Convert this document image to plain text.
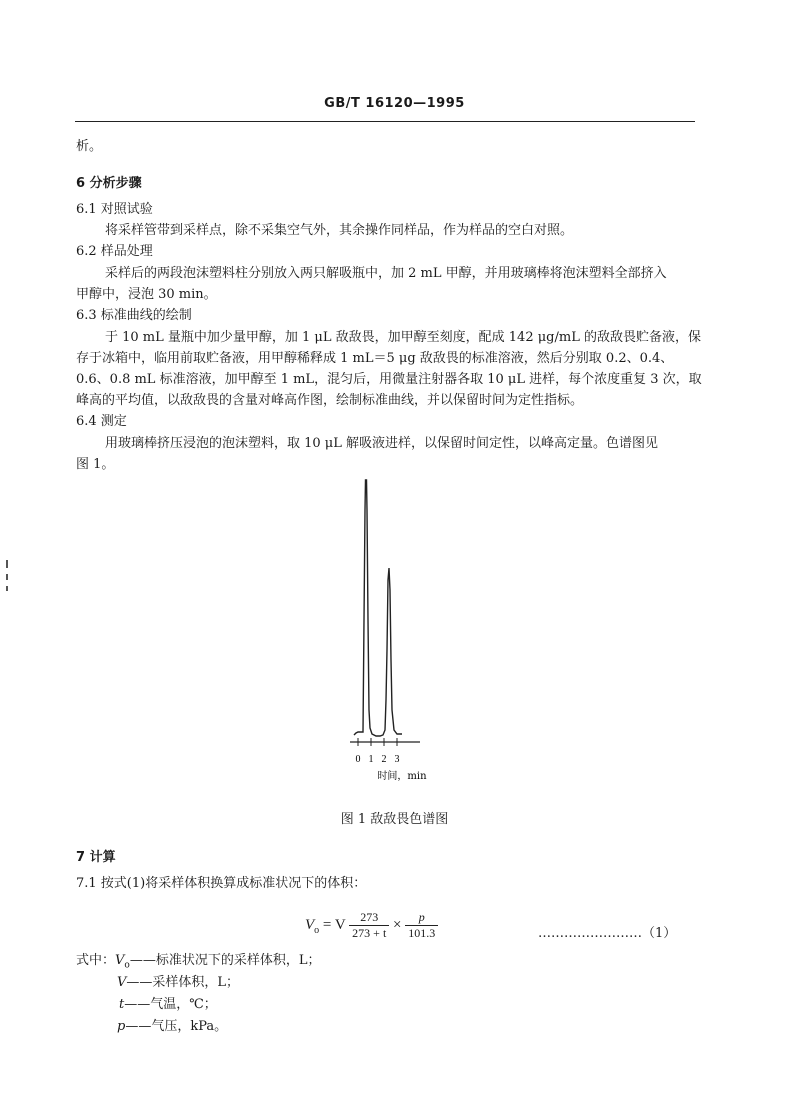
GB/T 16120—1995
析。
6 分析步骤
6.1 对照试验
将采样管带到采样点，除不采集空气外，其余操作同样品，作为样品的空白对照。
6.2 样品处理
采样后的两段泡沫塑料柱分别放入两只解吸瓶中，加 2 mL 甲醇，并用玻璃棒将泡沫塑料全部挤入
甲醇中，浸泡 30 min。
6.3 标准曲线的绘制
于 10 mL 量瓶中加少量甲醇，加 1 μL 敌敌畏，加甲醇至刻度，配成 142 μg/mL 的敌敌畏贮备液，保
存于冰箱中，临用前取贮备液，用甲醇稀释成 1 mL＝5 μg 敌敌畏的标准溶液，然后分别取 0.2、0.4、
0.6、0.8 mL 标准溶液，加甲醇至 1 mL，混匀后，用微量注射器各取 10 μL 进样，每个浓度重复 3 次，取
峰高的平均值，以敌敌畏的含量对峰高作图，绘制标准曲线，并以保留时间为定性指标。
6.4 测定
用玻璃棒挤压浸泡的泡沫塑料，取 10 μL 解吸液进样，以保留时间定性，以峰高定量。色谱图见
图 1。
0 1 2 3
时间，min
图 1 敌敌畏色谱图
7 计算
7.1 按式(1)将采样体积换算成标准状况下的体积：
$V_o = V \frac{273}{273 + t} \times \frac{p}{101.3}$	……………………（1）
式中：$V_o——$标准状况下的采样体积，L；
V——采样体积，L；
t——气温，℃；
p——气压，kPa。
